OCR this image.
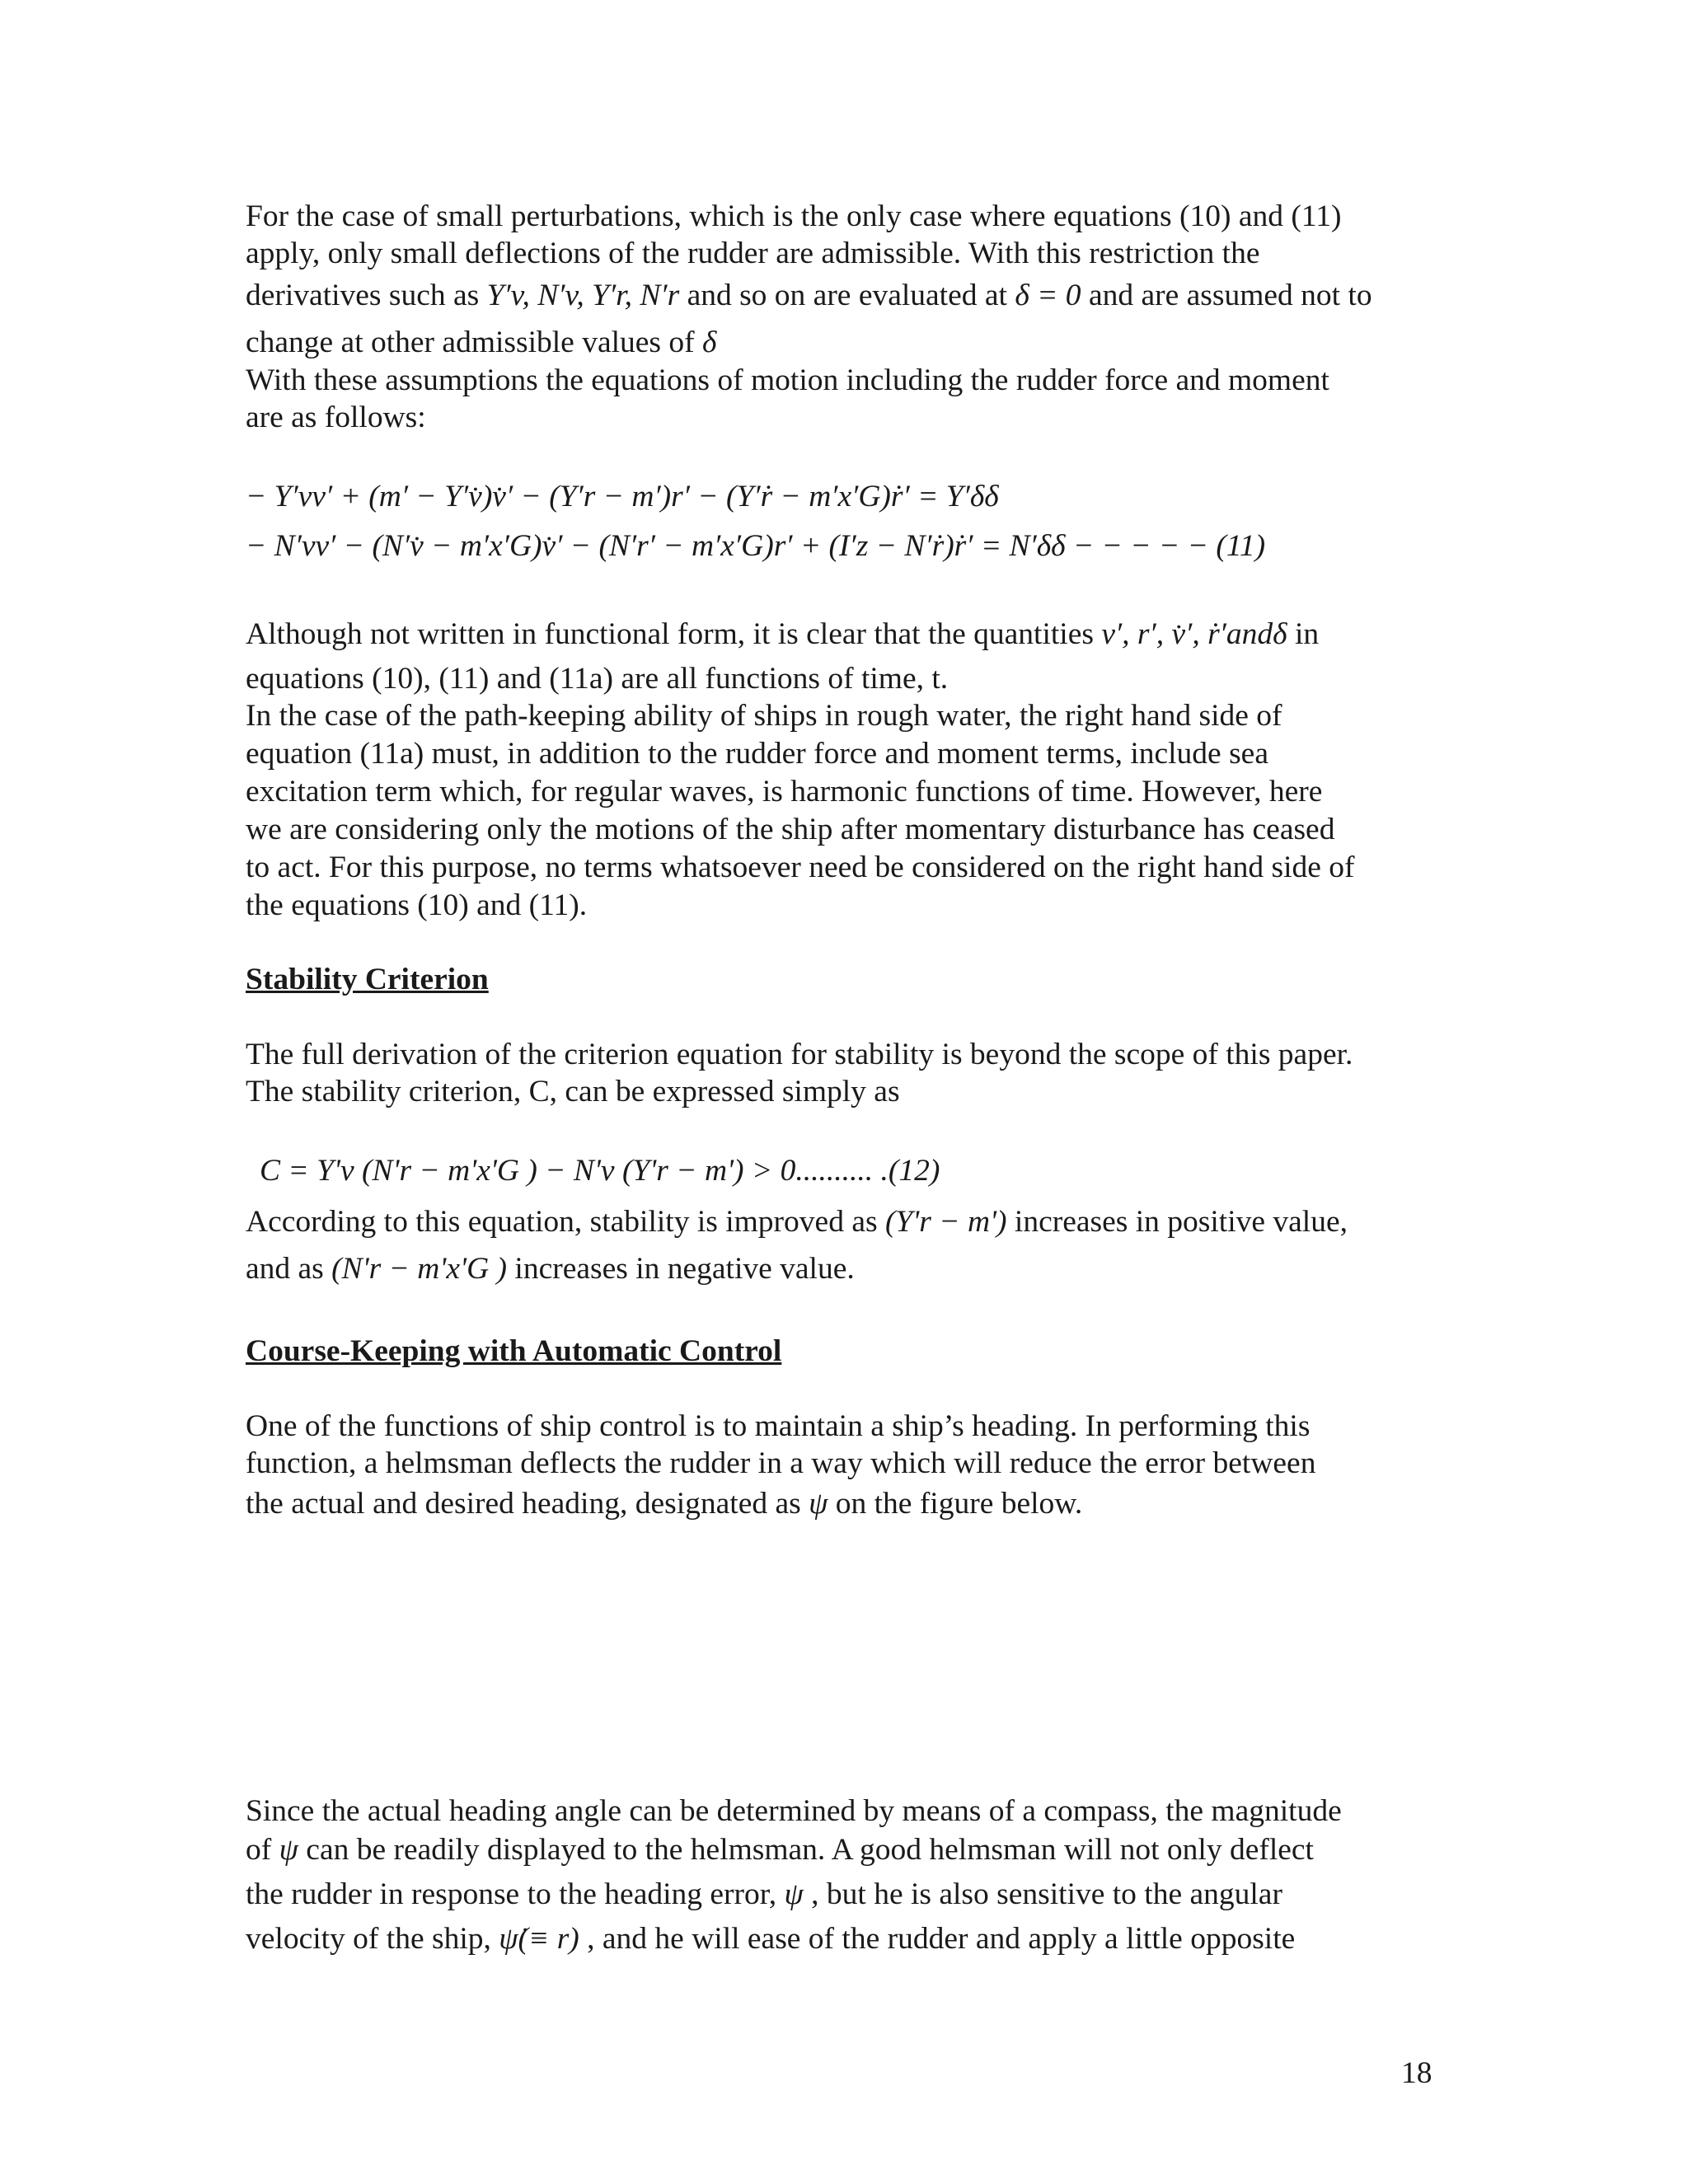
For the case of small perturbations, which is the only case where equations (10) and (11)
apply, only small deflections of the rudder are admissible. With this restriction the
derivatives such as Y′v, N′v, Y′r, N′r and so on are evaluated at δ = 0 and are assumed not to
change at other admissible values of δ
With these assumptions the equations of motion including the rudder force and moment
are as follows:
− Y′vv′ + (m′ − Y′v̇)v̇′ − (Y′r − m′)r′ − (Y′ṙ − m′x′G)ṙ′ = Y′δδ
− N′vv′ − (N′v̇ − m′x′G)v̇′ − (N′r′ − m′x′G)r′ + (I′z − N′ṙ)ṙ′ = N′δδ − − − − − (11)
Although not written in functional form, it is clear that the quantities v′, r′, v̇′, ṙ′andδ in
equations (10), (11) and (11a) are all functions of time, t.
In the case of the path-keeping ability of ships in rough water, the right hand side of
equation (11a) must, in addition to the rudder force and moment terms, include sea
excitation term which, for regular waves, is harmonic functions of time. However, here
we are considering only the motions of the ship after momentary disturbance has ceased
to act. For this purpose, no terms whatsoever need be considered on the right hand side of
the equations (10) and (11).
Stability Criterion
The full derivation of the criterion equation for stability is beyond the scope of this paper.
The stability criterion, C, can be expressed simply as
C = Y'v (N'r − m'x'G ) − N'v (Y'r − m') > 0.......... .(12)
According to this equation, stability is improved as (Y'r − m') increases in positive value,
and as (N'r − m'x'G ) increases in negative value.
Course-Keeping with Automatic Control
One of the functions of ship control is to maintain a ship’s heading. In performing this
function, a helmsman deflects the rudder in a way which will reduce the error between
the actual and desired heading, designated as ψ on the figure below.
Since the actual heading angle can be determined by means of a compass, the magnitude
of ψ can be readily displayed to the helmsman. A good helmsman will not only deflect
the rudder in response to the heading error, ψ , but he is also sensitive to the angular
velocity of the ship, ψ̇(≡ r) , and he will ease of the rudder and apply a little opposite
18
